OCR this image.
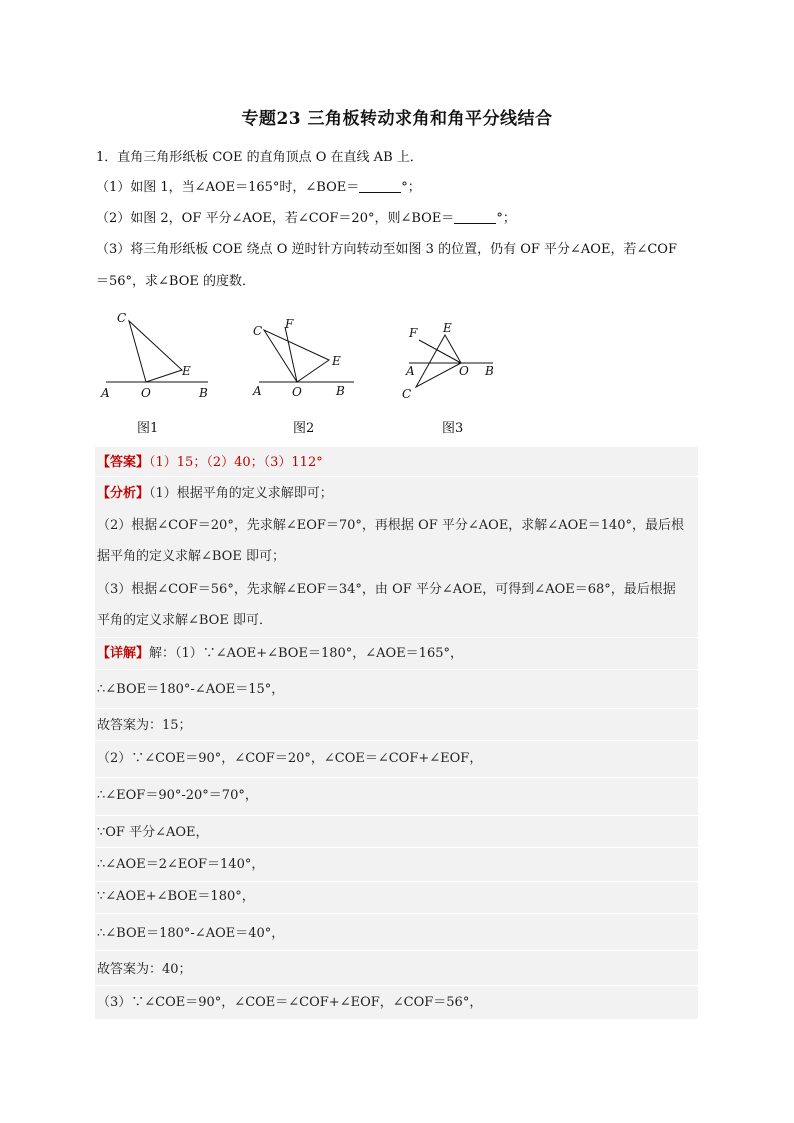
专题23 三角板转动求角和角平分线结合
1．直角三角形纸板 COE 的直角顶点 O 在直线 AB 上．
（1）如图 1，当∠AOE＝165°时，∠BOE＝	°；
（2）如图 2，OF 平分∠AOE，若∠COF＝20°，则∠BOE＝	°；
（3）将三角形纸板 COE 绕点 O 逆时针方向转动至如图 3 的位置，仍有 OF 平分∠AOE，若∠COF
＝56°，求∠BOE 的度数．
C
E
A	O	B
C F
E
A	O	B
F E
A	O B
C
图1	图2	图3
【答案】（1）15；（2）40；（3）112°
【分析】（1）根据平角的定义求解即可；
（2）根据∠COF＝20°，先求解∠EOF＝70°，再根据 OF 平分∠AOE，求解∠AOE＝140°，最后根
据平角的定义求解∠BOE 即可；
（3）根据∠COF＝56°，先求解∠EOF＝34°，由 OF 平分∠AOE，可得到∠AOE＝68°，最后根据
平角的定义求解∠BOE 即可．
【详解】解：（1）∵∠AOE+∠BOE＝180°，∠AOE＝165°，
∴∠BOE＝180°-∠AOE＝15°，
故答案为：15；
（2）∵∠COE＝90°，∠COF＝20°，∠COE＝∠COF+∠EOF，
∴∠EOF＝90°-20°＝70°，
∵OF 平分∠AOE，
∴∠AOE＝2∠EOF＝140°，
∵∠AOE+∠BOE＝180°，
∴∠BOE＝180°-∠AOE＝40°，
故答案为：40；
（3）∵∠COE＝90°，∠COE＝∠COF+∠EOF，∠COF＝56°，
